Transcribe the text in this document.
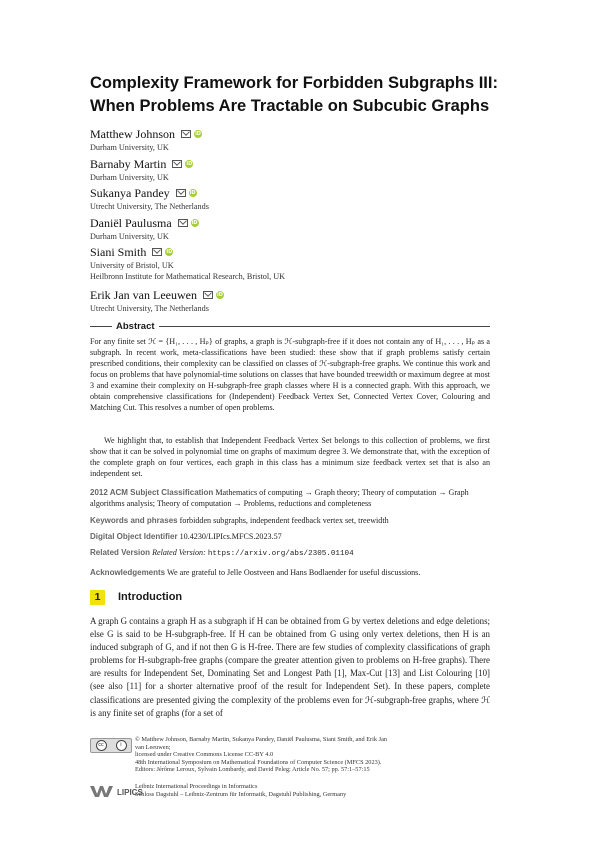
Complexity Framework for Forbidden Subgraphs III:
When Problems Are Tractable on Subcubic Graphs
Matthew Johnson	iD
Durham University, UK
Barnaby Martin	iD
Durham University, UK
Sukanya Pandey	iD
Utrecht University, The Netherlands
Daniël Paulusma	iD
Durham University, UK
Siani Smith	iD
University of Bristol, UK
Heilbronn Institute for Mathematical Research, Bristol, UK
Erik Jan van Leeuwen	iD
Utrecht University, The Netherlands
Abstract
For any finite set ℋ = {H₁, . . . , Hₚ} of graphs, a graph is ℋ-subgraph-free if it does not contain any of H₁, . . . , Hₚ as a subgraph. In recent work, meta-classifications have been studied: these show that if graph problems satisfy certain prescribed conditions, their complexity can be classified on classes of ℋ-subgraph-free graphs. We continue this work and focus on problems that have polynomial-time solutions on classes that have bounded treewidth or maximum degree at most 3 and examine their complexity on H-subgraph-free graph classes where H is a connected graph. With this approach, we obtain comprehensive classifications for (Independent) Feedback Vertex Set, Connected Vertex Cover, Colouring and Matching Cut. This resolves a number of open problems.
We highlight that, to establish that Independent Feedback Vertex Set belongs to this collection of problems, we first show that it can be solved in polynomial time on graphs of maximum degree 3. We demonstrate that, with the exception of the complete graph on four vertices, each graph in this class has a minimum size feedback vertex set that is also an independent set.
2012 ACM Subject Classification Mathematics of computing → Graph theory; Theory of computation → Graph algorithms analysis; Theory of computation → Problems, reductions and completeness
Keywords and phrases forbidden subgraphs, independent feedback vertex set, treewidth
Digital Object Identifier 10.4230/LIPIcs.MFCS.2023.57
Related Version Related Version: https://arxiv.org/abs/2305.01104
Acknowledgements We are grateful to Jelle Oostveen and Hans Bodlaender for useful discussions.
1	Introduction
A graph G contains a graph H as a subgraph if H can be obtained from G by vertex deletions and edge deletions; else G is said to be H-subgraph-free. If H can be obtained from G using only vertex deletions, then H is an induced subgraph of G, and if not then G is H-free. There are few studies of complexity classifications of graph problems for H-subgraph-free graphs (compare the greater attention given to problems on H-free graphs). There are results for Independent Set, Dominating Set and Longest Path [1], Max-Cut [13] and List Colouring [10] (see also [11] for a shorter alternative proof of the result for Independent Set). In these papers, complete classifications are presented giving the complexity of the problems even for ℋ-subgraph-free graphs, where ℋ is any finite set of graphs (for a set of
cc	i
© Matthew Johnson, Barnaby Martin, Sukanya Pandey, Daniël Paulusma, Siani Smith, and Erik Jan
van Leeuwen;
licensed under Creative Commons License CC-BY 4.0
48th International Symposium on Mathematical Foundations of Computer Science (MFCS 2023).
Editors: Jérôme Leroux, Sylvain Lombardy, and David Peleg; Article No. 57; pp. 57:1–57:15
LIPICS
Leibniz International Proceedings in Informatics
Schloss Dagstuhl – Leibniz-Zentrum für Informatik, Dagstuhl Publishing, Germany
